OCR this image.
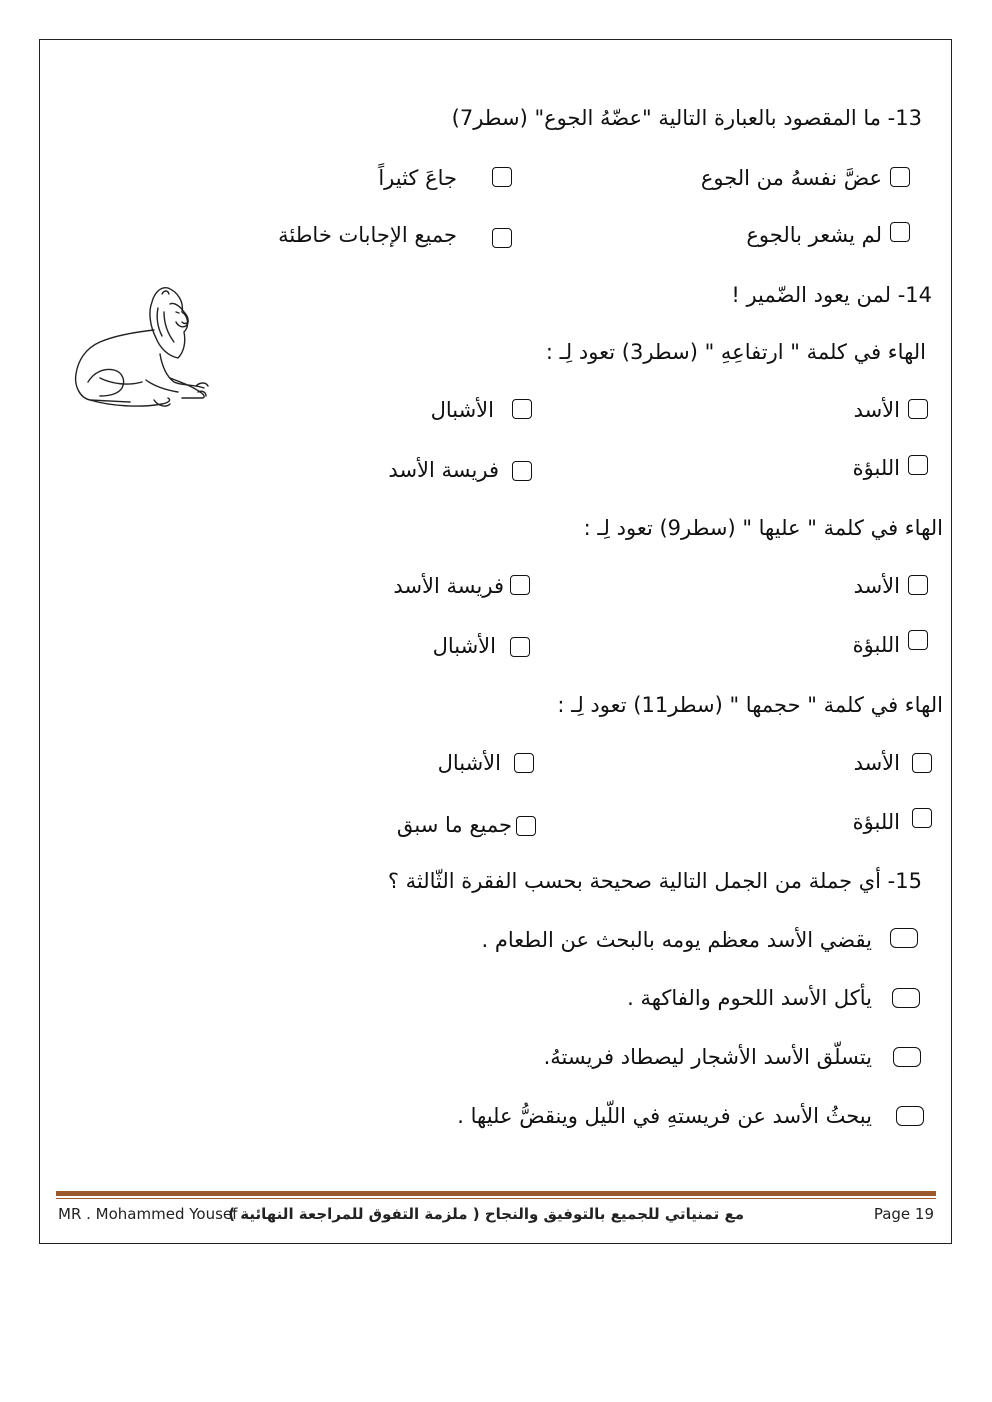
13- ما المقصود بالعبارة التالية "عضّهُ الجوع" (سطر7)
عضَّ نفسهُ من الجوع
جاعَ كثيراً
لم يشعر بالجوع
جميع الإجابات خاطئة
14- لمن يعود الضّمير !
الهاء في كلمة " ارتفاعِهِ " (سطر3) تعود لِـ :
الأسد
الأشبال
اللبؤة
فريسة الأسد
الهاء في كلمة " عليها " (سطر9) تعود لِـ :
الأسد
فريسة الأسد
اللبؤة
الأشبال
الهاء في كلمة " حجمها " (سطر11) تعود لِـ :
الأسد
الأشبال
اللبؤة
جميع ما سبق
15- أي جملة من الجمل التالية صحيحة بحسب الفقرة الثّالثة ؟
يقضي الأسد معظم يومه بالبحث عن الطعام .
يأكل الأسد اللحوم والفاكهة .
يتسلّق الأسد الأشجار ليصطاد فريستهُ.
يبحثُ الأسد عن فريستهِ في اللّيل وينقضُّ عليها .
MR . Mohammed Yousef
مع تمنياتي للجميع بالتوفيق والنجاح ( ملزمة التفوق للمراجعة النهائية )	Page 19
